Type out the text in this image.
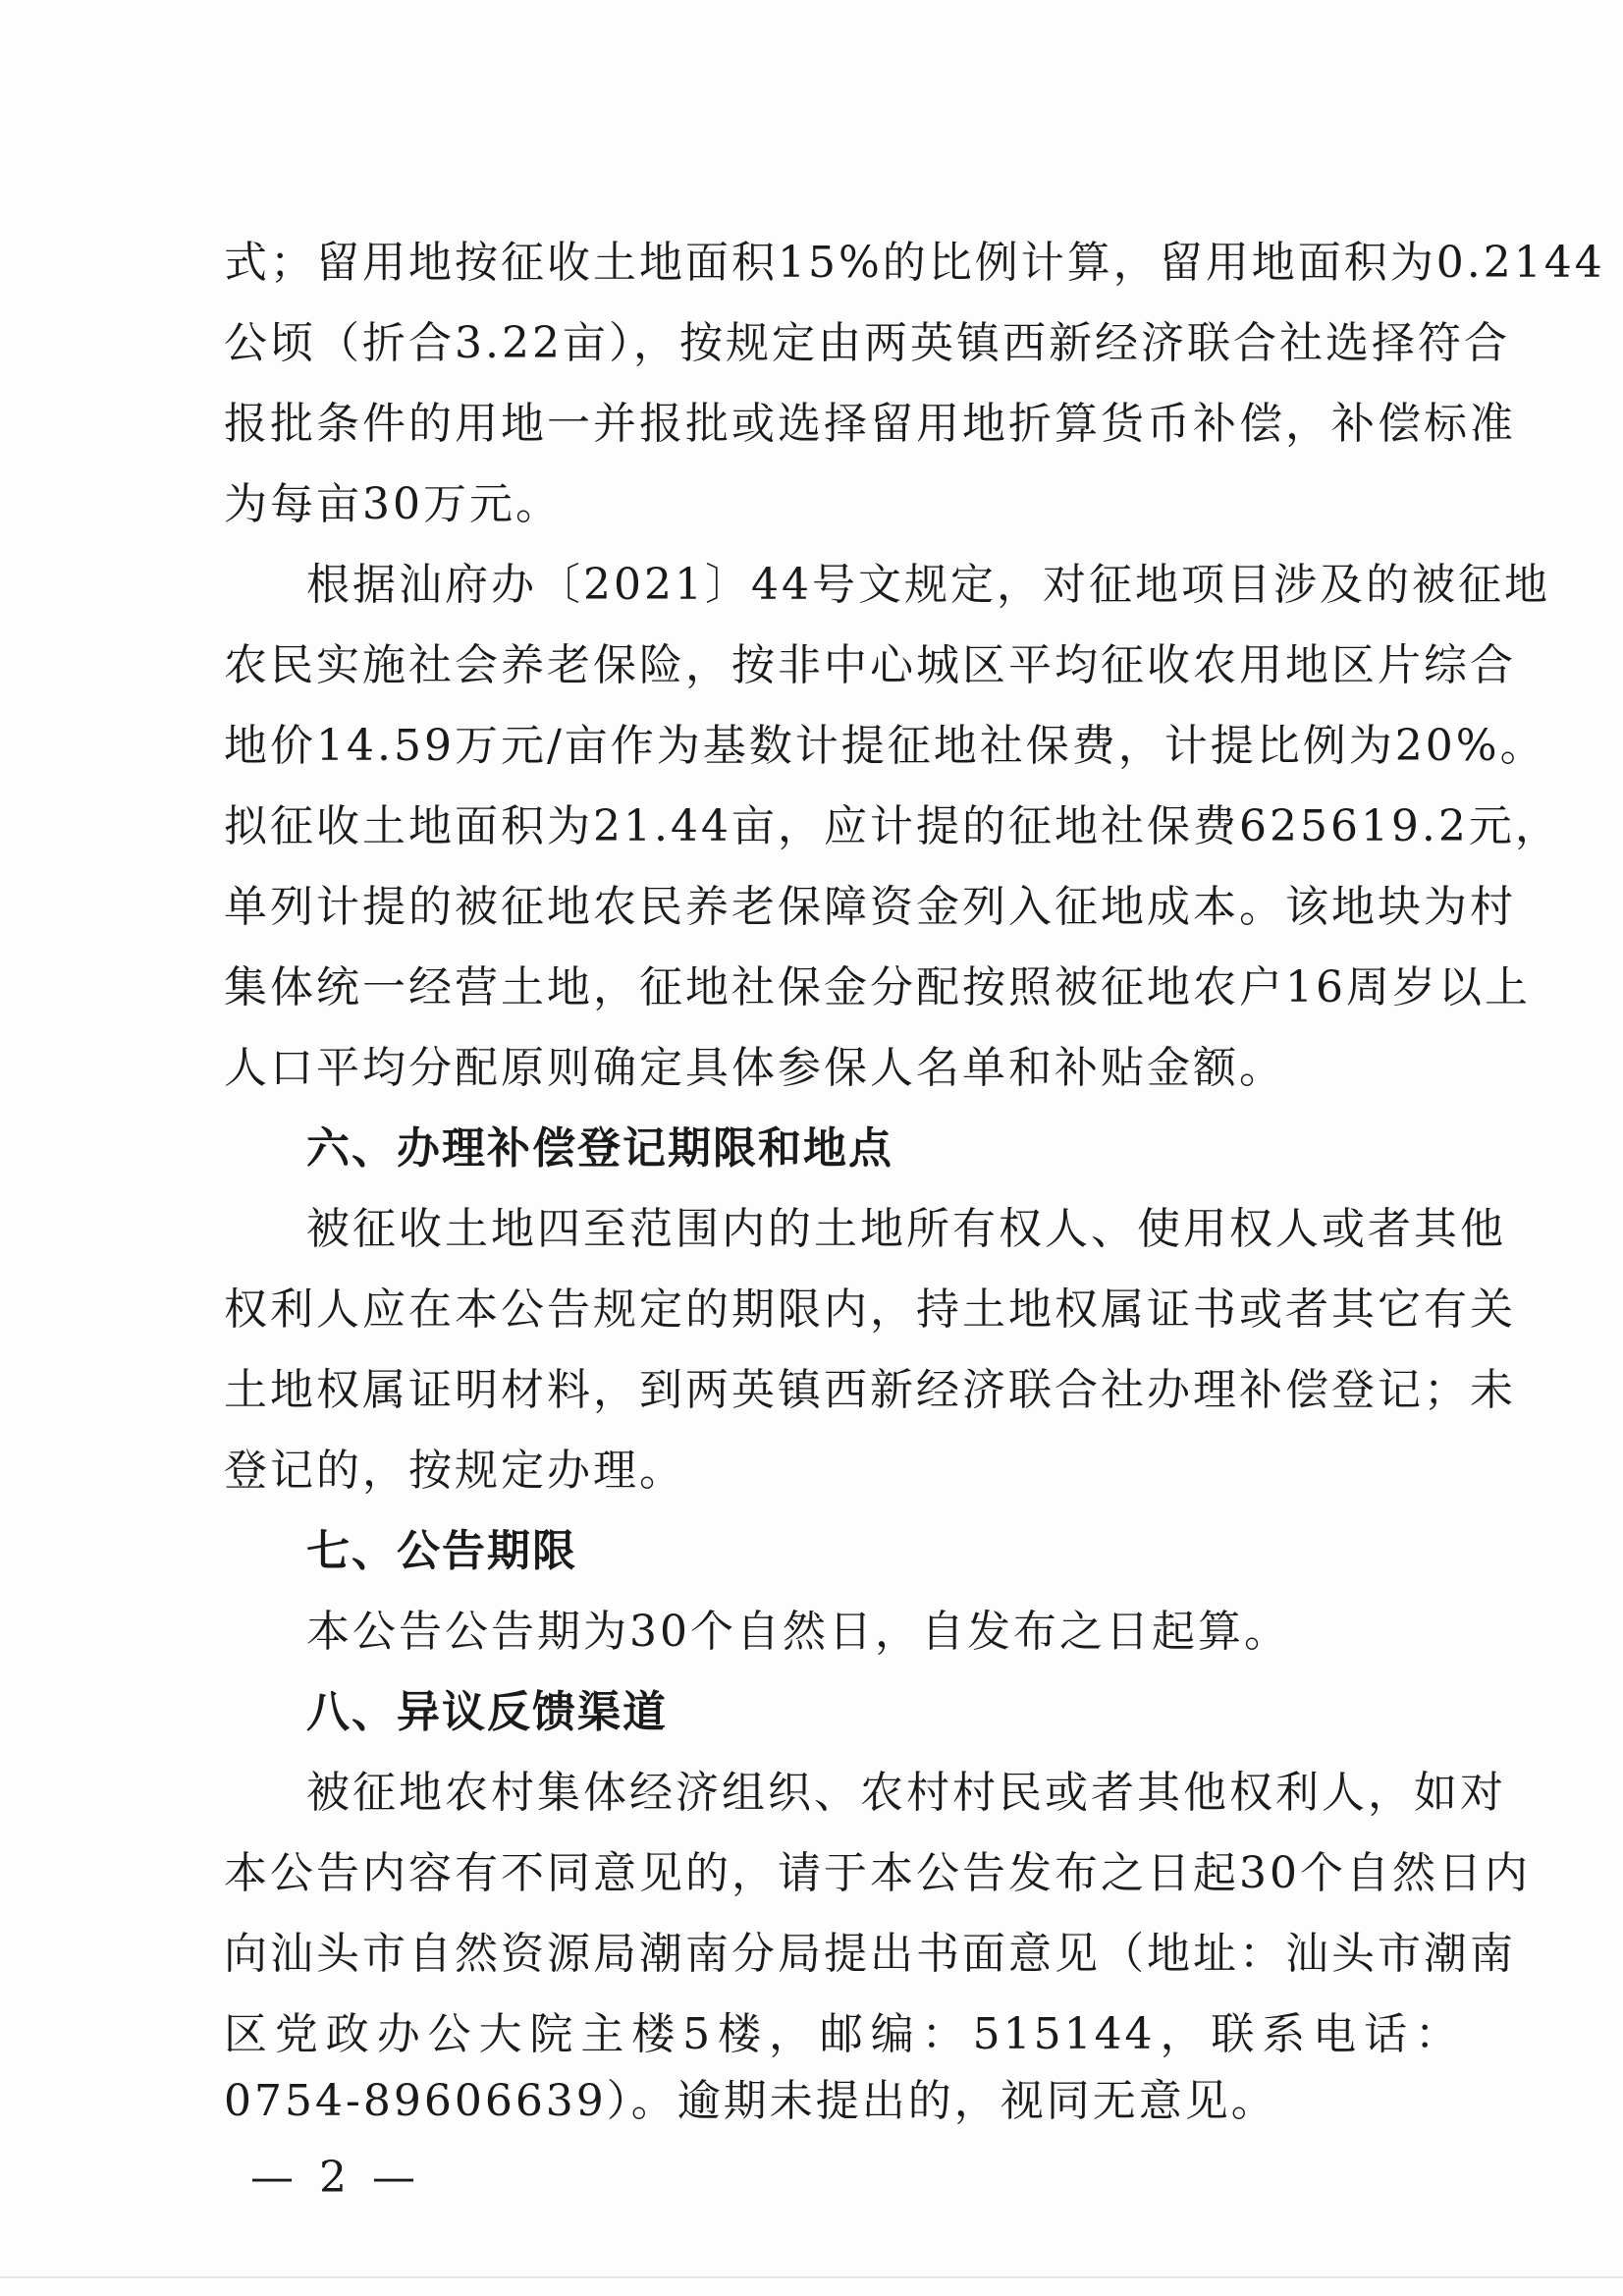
式；留用地按征收土地面积15%的比例计算，留用地面积为0.2144
公顷（折合3.22亩），按规定由两英镇西新经济联合社选择符合
报批条件的用地一并报批或选择留用地折算货币补偿，补偿标准
为每亩30万元。
根据汕府办〔2021〕44号文规定，对征地项目涉及的被征地
农民实施社会养老保险，按非中心城区平均征收农用地区片综合
地价14.59万元/亩作为基数计提征地社保费，计提比例为20%。
拟征收土地面积为21.44亩，应计提的征地社保费625619.2元，
单列计提的被征地农民养老保障资金列入征地成本。该地块为村
集体统一经营土地，征地社保金分配按照被征地农户16周岁以上
人口平均分配原则确定具体参保人名单和补贴金额。
六、办理补偿登记期限和地点
被征收土地四至范围内的土地所有权人、使用权人或者其他
权利人应在本公告规定的期限内，持土地权属证书或者其它有关
土地权属证明材料，到两英镇西新经济联合社办理补偿登记；未
登记的，按规定办理。
七、公告期限
本公告公告期为30个自然日，自发布之日起算。
八、异议反馈渠道
被征地农村集体经济组织、农村村民或者其他权利人，如对
本公告内容有不同意见的，请于本公告发布之日起30个自然日内
向汕头市自然资源局潮南分局提出书面意见（地址：汕头市潮南
区党政办公大院主楼5楼，邮编：515144，联系电话：
0754-89606639）。逾期未提出的，视同无意见。
— 2 —
